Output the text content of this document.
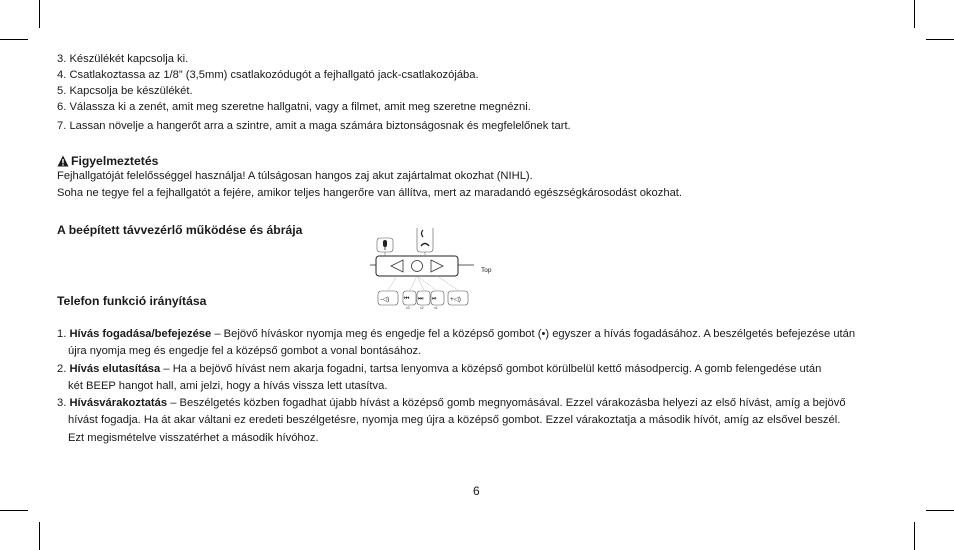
3. Készülékét kapcsolja ki.
4. Csatlakoztassa az 1/8” (3,5mm) csatlakozódugót a fejhallgató jack-csatlakozójába.
5. Kapcsolja be készülékét.
6. Válassza ki a zenét, amit meg szeretne hallgatni, vagy a filmet, amit meg szeretne megnézni.
7. Lassan növelje a hangerőt arra a szintre, amit a maga számára biztonságosnak és megfelelőnek tart.
Figyelmeztetés
Fejhallgatóját felelősséggel használja! A túlságosan hangos zaj akut zajártalmat okozhat (NIHL).
Soha ne tegye fel a fejhallgatót a fejére, amikor teljes hangerőre van állítva, mert az maradandó egészségkárosodást okozhat.
A beépített távvezérlő működése és ábrája
Top
-◁) ⏮ ⏭ ⏯
x3	x2	x1
+◁)
Telefon funkció irányítása
1. Hívás fogadása/befejezése – Bejövő híváskor nyomja meg és engedje fel a középső gombot (•) egyszer a hívás fogadásához. A beszélgetés befejezése után
újra nyomja meg és engedje fel a középső gombot a vonal bontásához.
2. Hívás elutasítása – Ha a bejövő hívást nem akarja fogadni, tartsa lenyomva a középső gombot körülbelül kettő másodpercig. A gomb felengedése után
két BEEP hangot hall, ami jelzi, hogy a hívás vissza lett utasítva.
3. Hívásvárakoztatás – Beszélgetés közben fogadhat újabb hívást a középső gomb megnyomásával. Ezzel várakozásba helyezi az első hívást, amíg a bejövő
hívást fogadja. Ha át akar váltani ez eredeti beszélgetésre, nyomja meg újra a középső gombot. Ezzel várakoztatja a második hívót, amíg az elsővel beszél.
Ezt megismételve visszatérhet a második hívóhoz.
6
